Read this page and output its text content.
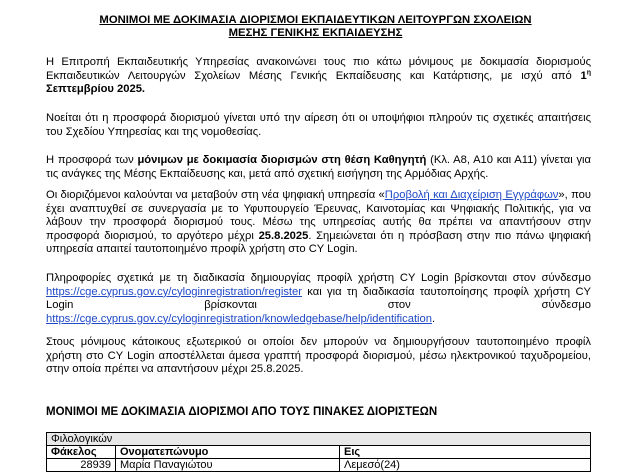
ΜΟΝΙΜΟΙ ΜΕ ΔΟΚΙΜΑΣΙΑ ΔΙΟΡΙΣΜΟΙ ΕΚΠΑΙΔΕΥΤΙΚΩΝ ΛΕΙΤΟΥΡΓΩΝ ΣΧΟΛΕΙΩΝ
ΜΕΣΗΣ ΓΕΝΙΚΗΣ ΕΚΠΑΙΔΕΥΣΗΣ
Η Επιτροπή Εκπαιδευτικής Υπηρεσίας ανακοινώνει τους πιο κάτω μόνιμους με δοκιμασία διορισμούς Εκπαιδευτικών Λειτουργών Σχολείων Μέσης Γενικής Εκπαίδευσης και Κατάρτισης, με ισχύ από $1^\eta$ Σεπτεμβρίου 2025.
Νοείται ότι η προσφορά διορισμού γίνεται υπό την αίρεση ότι οι υποψήφιοι πληρούν τις σχετικές απαιτήσεις του Σχεδίου Υπηρεσίας και της νομοθεσίας.
Η προσφορά των μόνιμων με δοκιμασία διορισμών στη θέση Καθηγητή (Κλ. Α8, Α10 και Α11) γίνεται για τις ανάγκες της Μέσης Εκπαίδευσης και, μετά από σχετική εισήγηση της Αρμόδιας Αρχής.
Οι διοριζόμενοι καλούνται να μεταβούν στη νέα ψηφιακή υπηρεσία «Προβολή και Διαχείριση Εγγράφων», που έχει αναπτυχθεί σε συνεργασία με το Υφυπουργείο Έρευνας, Καινοτομίας και Ψηφιακής Πολιτικής, για να λάβουν την προσφορά διορισμού τους. Μέσω της υπηρεσίας αυτής θα πρέπει να απαντήσουν στην προσφορά διορισμού, το αργότερο μέχρι 25.8.2025. Σημειώνεται ότι η πρόσβαση στην πιο πάνω ψηφιακή υπηρεσία απαιτεί ταυτοποιημένο προφίλ χρήστη στο CY Login.
Πληροφορίες σχετικά με τη διαδικασία δημιουργίας προφίλ χρήστη CY Login βρίσκονται στον σύνδεσμο https://cge.cyprus.gov.cy/cyloginregistration/register και για τη διαδικασία ταυτοποίησης προφίλ χρήστη CY Login βρίσκονται στον σύνδεσμο https://cge.cyprus.gov.cy/cyloginregistration/knowledgebase/help/identification.
Στους μόνιμους κάτοικους εξωτερικού οι οποίοι δεν μπορούν να δημιουργήσουν ταυτοποιημένο προφίλ χρήστη στο CY Login αποστέλλεται άμεσα γραπτή προσφορά διορισμού, μέσω ηλεκτρονικού ταχυδρομείου, στην οποία πρέπει να απαντήσουν μέχρι 25.8.2025.
ΜΟΝΙΜΟΙ ΜΕ ΔΟΚΙΜΑΣΙΑ ΔΙΟΡΙΣΜΟΙ ΑΠΟ ΤΟΥΣ ΠΙΝΑΚΕΣ ΔΙΟΡΙΣΤΕΩΝ
Φιλολογικών		
Φάκελος	Ονοματεπώνυμο	Εις
28939	Μαρία Παναγιώτου	Λεμεσό(24)
